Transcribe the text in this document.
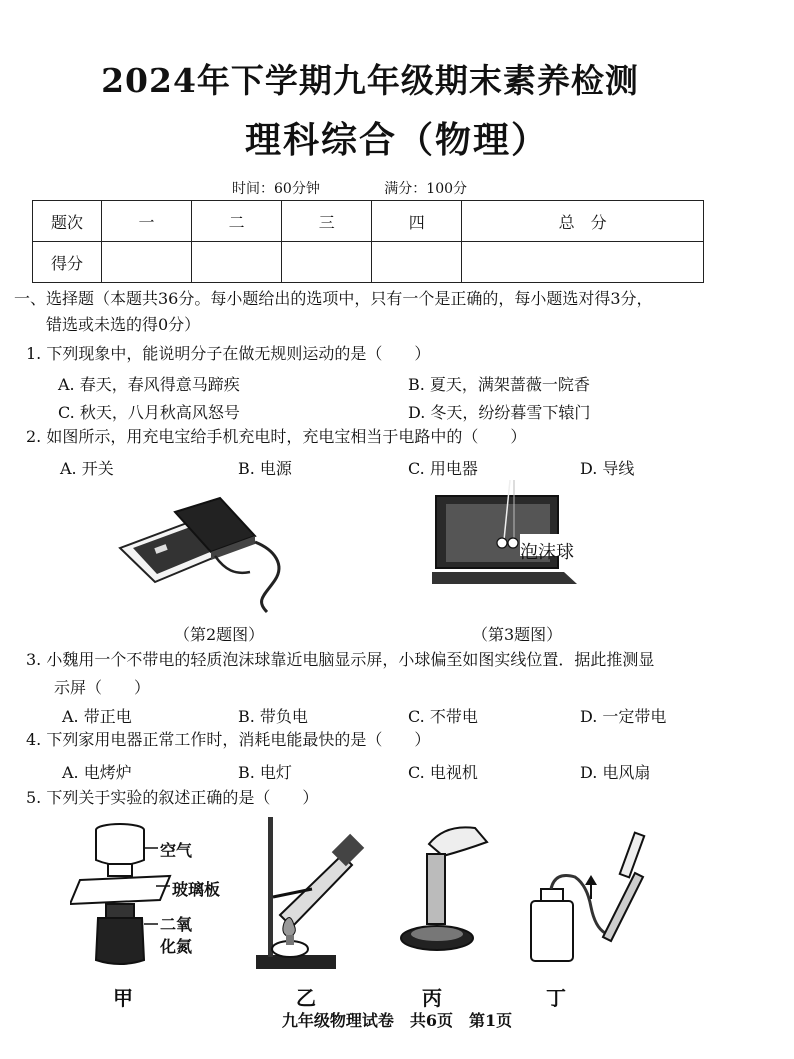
2024年下学期九年级期末素养检测
理科综合（物理）
时间：60分钟	满分：100分
题次	一	二	三	四	总　分
得分					
一、选择题（本题共36分。每小题给出的选项中，只有一个是正确的，每小题选对得3分，
错选或未选的得0分）
1. 下列现象中，能说明分子在做无规则运动的是（　　）
A. 春天，春风得意马蹄疾	B. 夏天，满架蔷薇一院香
C. 秋天，八月秋高风怒号	D. 冬天，纷纷暮雪下辕门
2. 如图所示，用充电宝给手机充电时，充电宝相当于电路中的（　　）
A. 开关	B. 电源	C. 用电器	D. 导线
（第2题图）
泡沫球
（第3题图）
3. 小魏用一个不带电的轻质泡沫球靠近电脑显示屏，小球偏至如图实线位置．据此推测显
示屏（　　）
A. 带正电	B. 带负电	C. 不带电	D. 一定带电
4. 下列家用电器正常工作时，消耗电能最快的是（　　）
A. 电烤炉	B. 电灯	C. 电视机	D. 电风扇
5. 下列关于实验的叙述正确的是（　　）
空气
玻璃板
二氧
化氮
甲	乙	丙	丁
九年级物理试卷　共6页　第1页
